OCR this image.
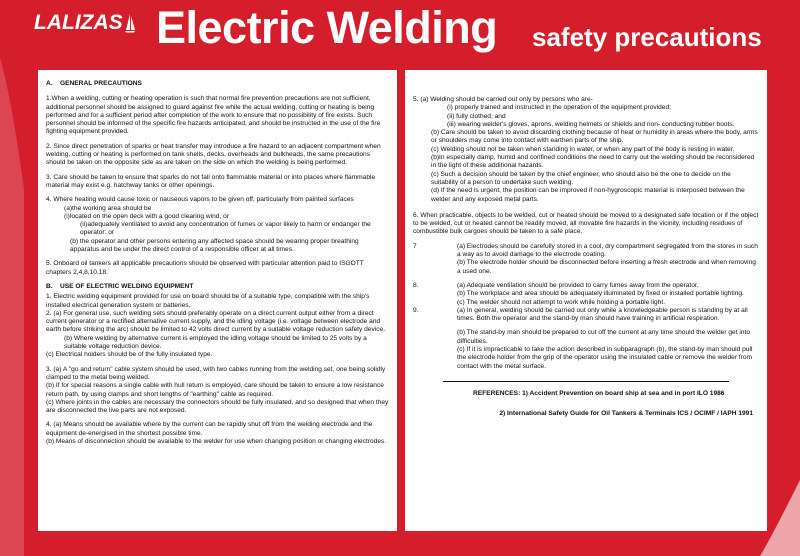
LALIZAS Electric Welding safety precautions

A. GENERAL PRECAUTIONS

1.When a welding, cutting or heating operation is such that normal fire prevention precautions are not sufficient, additional personnel should be assigned to guard against fire while the actual welding, cutting or heating is being performed and for a sufficient period after completion of the work to ensure that no possibility of fire exists. Such personnel should be informed of the specific fire hazards anticipated, and should be instructed in the use of the fire fighting equipment provided.

2. Since direct penetration of sparks or heat transfer may introduce a fire hazard to an adjacent compartment when welding, cutting or heating is performed on tank shells, decks, overheads and bulkheads, the same precautions should be taken on the opposite side as are taken on the side on which the welding is being performed.

3. Care should be taken to ensure that sparks do not fall onto flammable material or into places where flammable material may exist e.g. hatchway tanks or other openings.

4. Where heating would cause toxic or nauseous vapors to be given off, particularly from painted surfaces
(a)the working area should be
(i)located on the open deck with a good clearing wind, or
(ii)adequately ventilated to avoid any concentration of fumes or vapor likely to harm or endanger the operator: or
(b) the operator and other persons entering any affected space should be wearing proper breathing apparatus and be under the direct control of a responsible officer at all times.

5. Onboard oil tankers all applicable precautions should be observed with particular attention paid to ISGOTT chapters 2,4,8,10,18.

B. USE OF ELECTRIC WELDING EQUIPMENT

1. Electric welding equipment provided for use on board should be of a suitable type, compatible with the ship's installed electrical generation system or batteries.
2. (a) For general use, such welding sets should preferably operate on a direct current output either from a direct current generator or a rectified alternative current supply, and the idling voltage (i.e. voltage between electrode and earth before striking the arc) should be limited to 42 volts direct current by a suitable voltage reduction safety device.
(b) Where welding by alternative current is employed the idling voltage should be limited to 25 volts by a suitable voltage reduction device.
(c) Electrical holders should be of the fully insulated type.
3. (a) A "go and return" cable system should be used, with two cables running from the welding set, one being solidly clamped to the metal being welded.
(b) If for special reasons a single cable with hull return is employed, care should be taken to ensure a low resistance return path, by using clamps and short lengths of "earthing" cable as required.
(c) Where joints in the cables are necessary the connectors should be fully insulated, and so designed that when they are disconnected the live parts are not exposed.
4. (a) Means should be available where by the current can be rapidly shut off from the welding electrode and the equipment de-energised in the shortest possible time.
(b) Means of disconnection should be available to the welder for use when changing position or changing electrodes.
5. (a) Welding should be carried out only by persons who are-
(i) properly trained and instructed in the operation of the equipment provided;
(ii) fully clothed; and
(iii) wearing welder's gloves, aprons, welding helmets or shields and non- conducting rubber boots.
(b) Care should be taken to avoid discarding clothing because of heat or humidity in areas where the body, arms or shoulders may come into contact with earthen parts of the ship.
(c) Welding should not be taken when standing in water, or when any part of the body is resting in water.
(b)In especially damp, humid and confined conditions the need to carry out the welding should be reconsidered in the light of these additional hazards.
(c) Such a decision should be taken by the chief engineer, who should also be the one to decide on the suitability of a person to undertake such welding.
(d) If the need is urgent, the position can be improved if non-hygroscopic material is interposed between the welder and any exposed metal parts.

6. When practicable, objects to be welded, cut or heated should be moved to a designated safe location or if the object to be welded, cut or heated cannot be readily moved, all movable fire hazards in the vicinity, including residues of combustible bulk cargoes should be taken to a safe place.

7	(a) Electrodes should be carefully stored in a cool, dry compartment segregated from the stores in such a way as to avoid damage to the electrode coating.
(b) The electrode holder should be disconnected before inserting a fresh electrode and when removing a used one.
8.	(a) Adequate ventilation should be provided to carry fumes away from the operator.
(b) The workplace and area should be adequately illuminated by fixed or installed portable lighting.
(c) The welder should not attempt to work while holding a portable light.
9.	(a) In general, welding should be carried out only while a knowledgeable person is standing by at all times. Both the operator and the stand-by man should have training in artificial respiration.
(b) The stand-by man should be prepared to cut off the current at any time should the welder get into difficulties.
(c) If it is impracticable to take the action described in subparagraph (b), the stand-by man should pull the electrode holder from the grip of the operator using the insulated cable or remove the welder from contact with the metal surface.
REFERENCES: 1) Accident Prevention on board ship at sea and in port ILO 1986
2) International Safety Guide for Oil Tankers & Terminals ICS / OCIMF / IAPH 1991
